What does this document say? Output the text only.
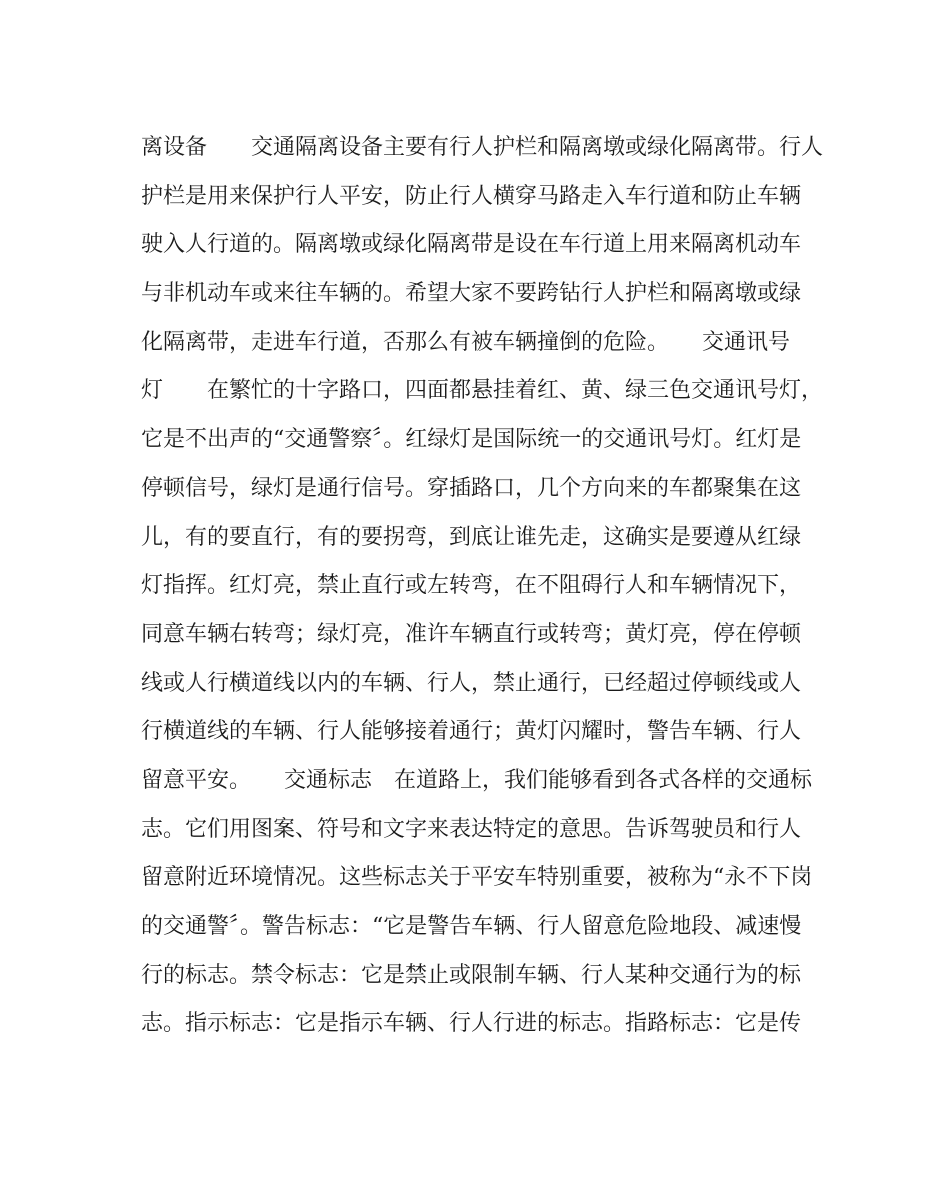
离设备　　交通隔离设备主要有行人护栏和隔离墩或绿化隔离带。行人
护栏是用来保护行人平安，防止行人横穿马路走入车行道和防止车辆
驶入人行道的。隔离墩或绿化隔离带是设在车行道上用来隔离机动车
与非机动车或来往车辆的。希望大家不要跨钻行人护栏和隔离墩或绿
化隔离带，走进车行道，否那么有被车辆撞倒的危险。　　交通讯号
灯　　在繁忙的十字路口，四面都悬挂着红、黄、绿三色交通讯号灯，
它是不出声的“交通警察〞。红绿灯是国际统一的交通讯号灯。红灯是
停顿信号，绿灯是通行信号。穿插路口，几个方向来的车都聚集在这
儿，有的要直行，有的要拐弯，到底让谁先走，这确实是要遵从红绿
灯指挥。红灯亮，禁止直行或左转弯，在不阻碍行人和车辆情况下，
同意车辆右转弯；绿灯亮，准许车辆直行或转弯；黄灯亮，停在停顿
线或人行横道线以内的车辆、行人，禁止通行，已经超过停顿线或人
行横道线的车辆、行人能够接着通行；黄灯闪耀时，警告车辆、行人
留意平安。　　交通标志　在道路上，我们能够看到各式各样的交通标
志。它们用图案、符号和文字来表达特定的意思。告诉驾驶员和行人
留意附近环境情况。这些标志关于平安车特别重要，被称为“永不下岗
的交通警〞。警告标志：“它是警告车辆、行人留意危险地段、减速慢
行的标志。禁令标志：它是禁止或限制车辆、行人某种交通行为的标
志。指示标志：它是指示车辆、行人行进的标志。指路标志：它是传
